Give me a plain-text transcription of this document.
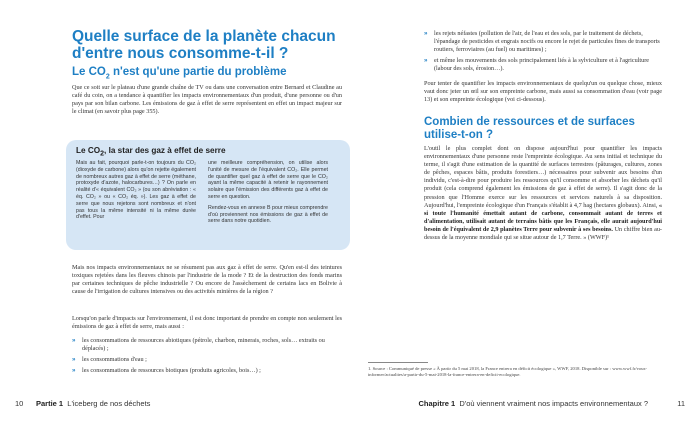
Quelle surface de la planète chacun d'entre nous consomme-t-il ?
Le $CO_2$ n'est qu'une partie du problème

Que ce soit sur le plateau d'une grande chaîne de TV ou dans une conversation entre Bernard et Claudine au café du coin, on a tendance à quantifier les impacts environnementaux d'un produit, d'une personne ou d'un pays par son bilan carbone. Les émissions de gaz à effet de serre représentent en effet un impact majeur sur le climat (en savoir plus page 355).

Le $CO_2$, la star des gaz à effet de serre

Mais au fait, pourquoi parle-t-on toujours du CO₂ (dioxyde de carbone) alors qu'on rejette également de nombreux autres gaz à effet de serre (méthane, protoxyde d'azote, halocarbures…) ? On parle en réalité d'« équivalent CO₂ » (ou son abréviation : « éq. CO₂ » ou « CO₂ éq. »). Les gaz à effet de serre que nous rejetons sont nombreux et n'ont pas tous la même intensité ni la même durée d'effet. Pour

une meilleure compréhension, on utilise alors l'unité de mesure de l'équivalent CO₂. Elle permet de quantifier quel gaz à effet de serre que le CO₂ ayant la même capacité à retenir le rayonnement solaire que l'émission des différents gaz à effet de serre en question.

Rendez-vous en annexe B pour mieux comprendre d'où proviennent nos émissions de gaz à effet de serre dans notre quotidien.

Mais nos impacts environnementaux ne se résument pas aux gaz à effet de serre. Qu'en est-il des teintures toxiques rejetées dans les fleuves chinois par l'industrie de la mode ? Et de la destruction des fonds marins par certaines techniques de pêche industrielle ? Ou encore de l'assèchement de certains lacs en Bolivie à cause de l'irrigation de cultures intensives ou des activités minières de la région ?

Lorsqu'on parle d'impacts sur l'environnement, il est donc important de prendre en compte non seulement les émissions de gaz à effet de serre, mais aussi :

» les consommations de ressources abiotiques (pétrole, charbon, minerais, roches, sols… extraits ou déplacés) ;
» les consommations d'eau ;
» les consommations de ressources biotiques (produits agricoles, bois…) ;
10 Partie 1 L'iceberg de nos déchets
» les rejets néfastes (pollution de l'air, de l'eau et des sols, par le traitement de déchets, l'épandage de pesticides et engrais nocifs ou encore le rejet de particules fines de transports routiers, ferroviaires (au fuel) ou maritimes) ;
» et même les mouvements des sols principalement liés à la sylviculture et à l'agriculture (labour des sols, érosion…).

Pour tenter de quantifier les impacts environnementaux de quelqu'un ou quelque chose, mieux vaut donc jeter un œil sur son empreinte carbone, mais aussi sa consommation d'eau (voir page 13) et son empreinte écologique (voi ci-dessous).

Combien de ressources et de surfaces utilise-t-on ?

L'outil le plus complet dont on dispose aujourd'hui pour quantifier les impacts environnementaux d'une personne reste l'empreinte écologique. Au sens initial et technique du terme, il s'agit d'une estimation de la quantité de surfaces terrestres (pâturages, cultures, zones de pêches, espaces bâtis, produits forestiers…) nécessaires pour subvenir aux besoins d'un individu, c'est-à-dire pour produire les ressources qu'il consomme et absorber les déchets qu'il produit (cela comprend également les émissions de gaz à effet de serre). Il s'agit donc de la pression que l'Homme exerce sur les ressources et services naturels à sa disposition. Aujourd'hui, l'empreinte écologique d'un Français s'établit à 4,7 hag (hectares globaux). Ainsi, « si toute l'humanité émettait autant de carbone, consommait autant de terres et d'alimentation, utilisait autant de terrains bâtis que les Français, elle aurait aujourd'hui besoin de l'équivalent de 2,9 planètes Terre pour subvenir à ses besoins. Un chiffre bien au-dessus de la moyenne mondiale qui se situe autour de 1,7 Terre. » (WWF)¹

1. Source : Communiqué de presse « À partir du 5 mai 2018, la France entrera en déficit écologique », WWF, 2018. Disponible sur : www.wwf.fr/vous-informer/actualites/a-partir-du-5-mai-2018-la-france-entrera-en-deficit-ecologique.

Chapitre 1 D'où viennent vraiment nos impacts environnementaux ?	11
